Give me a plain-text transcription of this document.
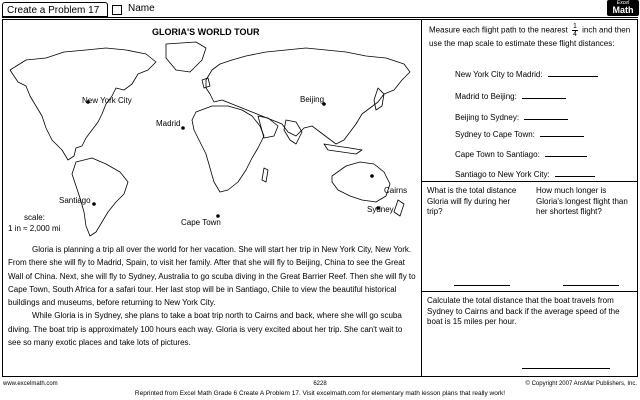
Create a Problem 17	Name	Excel
Math
GLORIA'S WORLD TOUR
New York City
Madrid
Beijing
Santiago
Cape Town
Cairns
Sydney
scale:
1 in ≈ 2,000 mi

Gloria is planning a trip all over the world for her vacation. She will start her trip in New York City, New York. From there she will fly to Madrid, Spain, to visit her family. After that she will fly to Beijing, China to see the Great Wall of China. Next, she will fly to Sydney, Australia to go scuba diving in the Great Barrier Reef. Then she will fly to Cape Town, South Africa for a safari tour. Her last stop will be in Santiago, Chile to view the beautiful historical buildings and museums, before returning to New York City.

While Gloria is in Sydney, she plans to take a boat trip north to Cairns and back, where she will go scuba diving. The boat trip is approximately 100 hours each way. Gloria is very excited about her trip. She can't wait to see so many exotic places and take lots of pictures.

Measure each flight path to the nearest $\frac{1}{4}$ inch and then use the map scale to estimate these flight distances:
New York City to Madrid:
Madrid to Beijing:
Beijing to Sydney:
Sydney to Cape Town:
Cape Town to Santiago:
Santiago to New York City:
What is the total distance Gloria will fly during her trip?
How much longer is Gloria's longest flight than her shortest flight?
Calculate the total distance that the boat travels from Sydney to Cairns and back if the average speed of the boat is 15 miles per hour.
6228
www.excelmath.com	© Copyright 2007 AnsMar Publishers, Inc.
Reprinted from Excel Math Grade 6 Create A Problem 17. Visit excelmath.com for elementary math lesson plans that really work!
